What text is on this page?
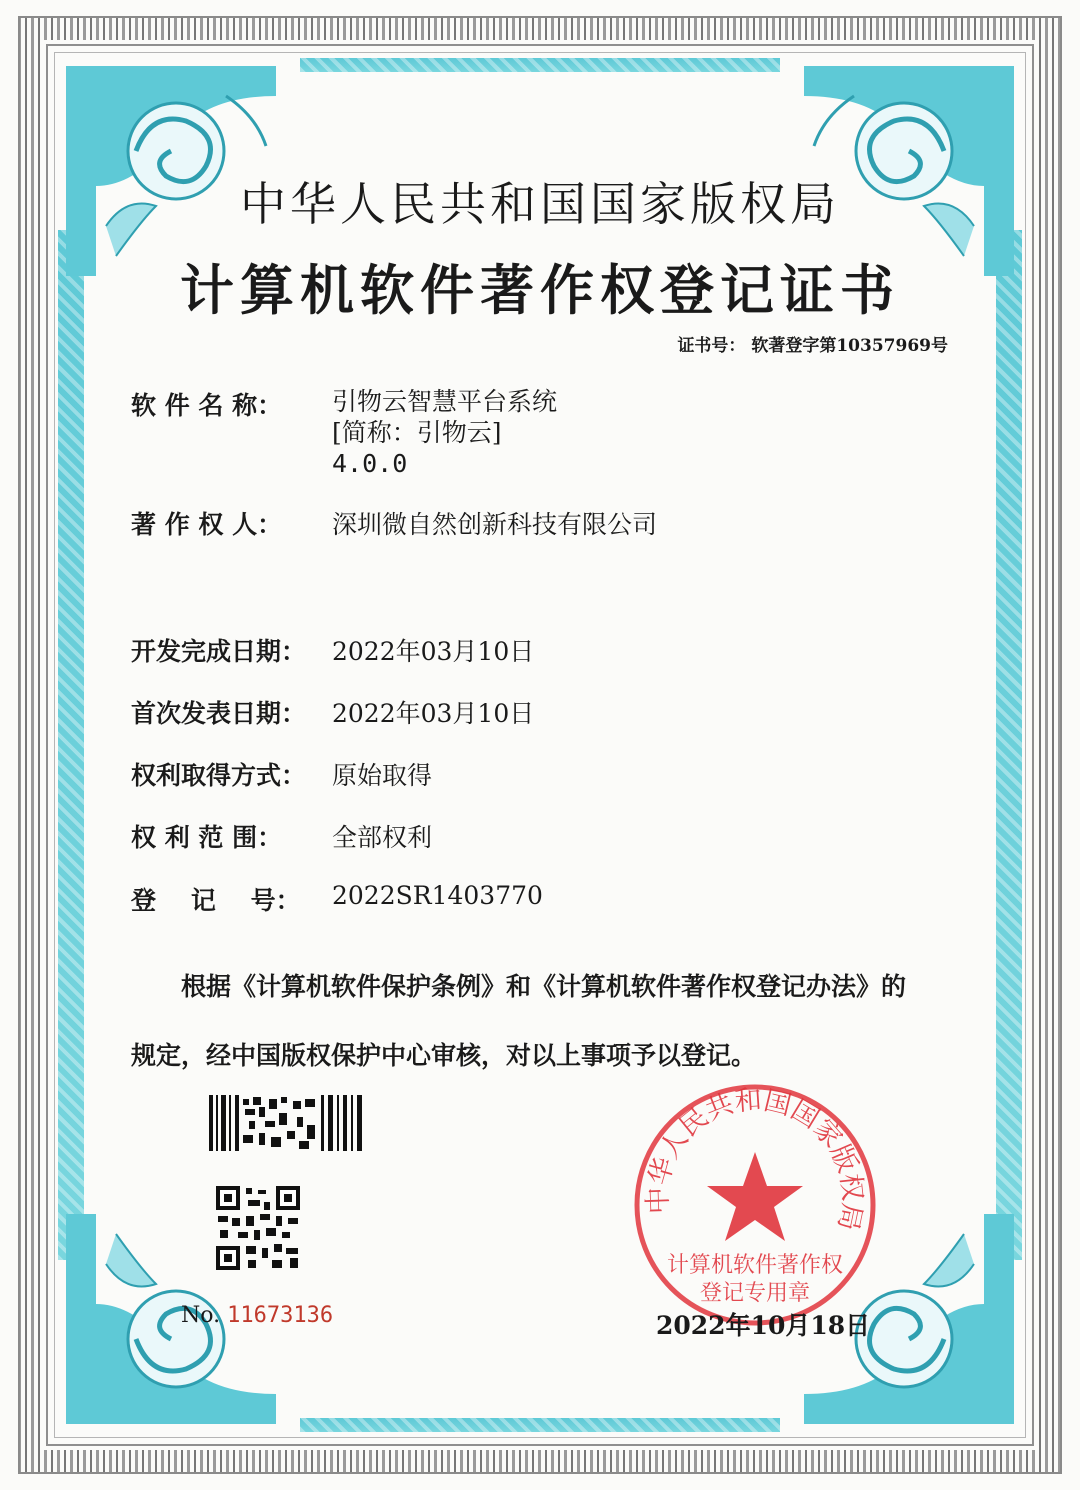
中华人民共和国国家版权局
计算机软件著作权登记证书
证书号： 软著登字第10357969号
软 件 名 称： 引物云智慧平台系统
[简称：引物云]
4.0.0
著 作 权 人： 深圳微自然创新科技有限公司
开发完成日期： 2022年03月10日
首次发表日期： 2022年03月10日
权利取得方式： 原始取得
权 利 范 围： 全部权利
登    记    号： 2022SR1403770
根据《计算机软件保护条例》和《计算机软件著作权登记办法》的
规定，经中国版权保护中心审核，对以上事项予以登记。
No. 11673136
中华人民共和国国家版权局
计算机软件著作权
登记专用章
2022年10月18日
